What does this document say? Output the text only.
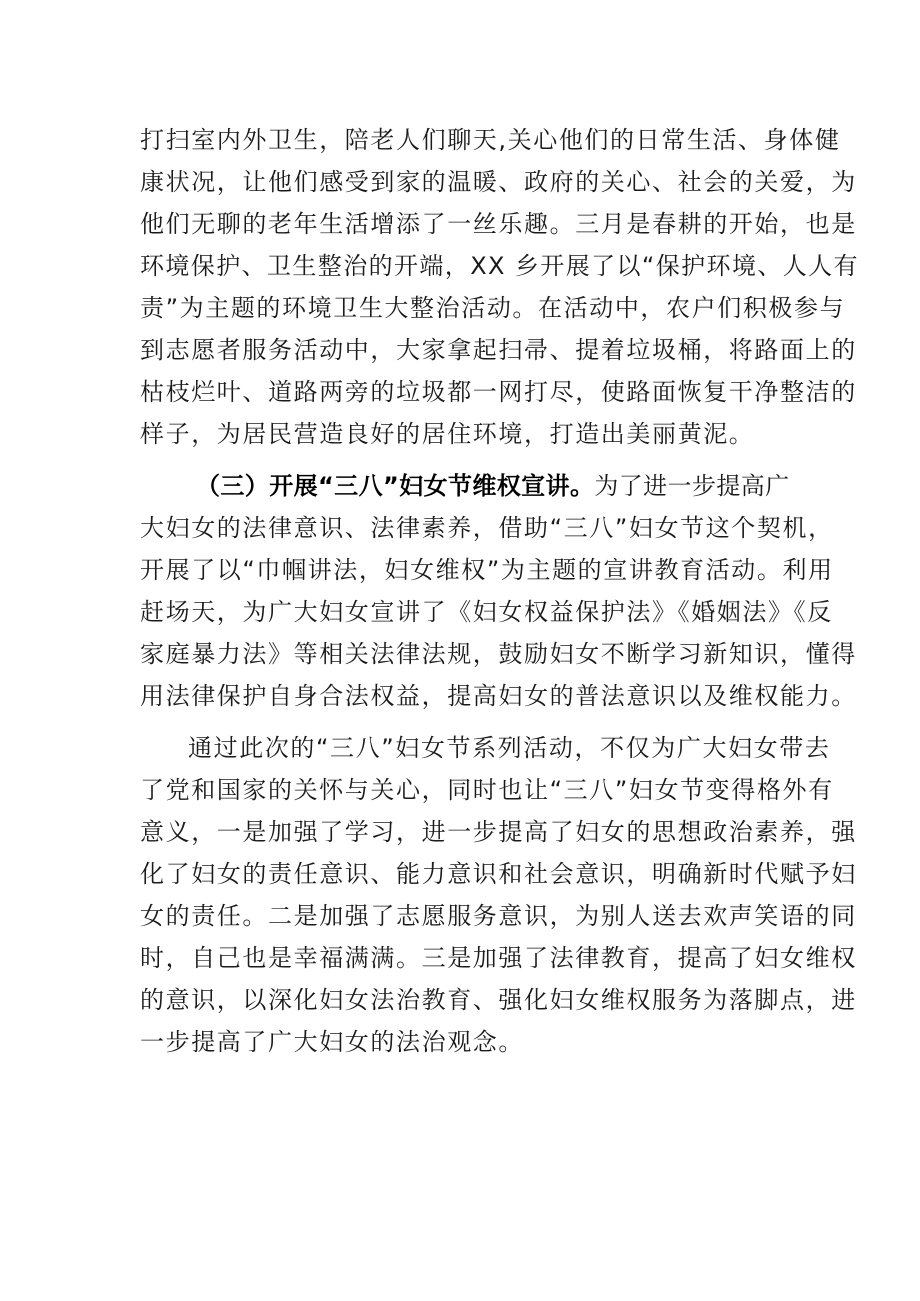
打扫室内外卫生，陪老人们聊天,关心他们的日常生活、身体健
康状况，让他们感受到家的温暖、政府的关心、社会的关爱，为
他们无聊的老年生活增添了一丝乐趣。三月是春耕的开始，也是
环境保护、卫生整治的开端，XX 乡开展了以“保护环境、人人有
责”为主题的环境卫生大整治活动。在活动中，农户们积极参与
到志愿者服务活动中，大家拿起扫帚、提着垃圾桶，将路面上的
枯枝烂叶、道路两旁的垃圾都一网打尽，使路面恢复干净整洁的
样子，为居民营造良好的居住环境，打造出美丽黄泥。
（三）开展“三八”妇女节维权宣讲。为了进一步提高广
大妇女的法律意识、法律素养，借助“三八”妇女节这个契机，
开展了以“巾帼讲法，妇女维权”为主题的宣讲教育活动。利用
赶场天，为广大妇女宣讲了《妇女权益保护法》《婚姻法》《反
家庭暴力法》等相关法律法规，鼓励妇女不断学习新知识，懂得
用法律保护自身合法权益，提高妇女的普法意识以及维权能力。
通过此次的“三八”妇女节系列活动，不仅为广大妇女带去
了党和国家的关怀与关心，同时也让“三八”妇女节变得格外有
意义，一是加强了学习，进一步提高了妇女的思想政治素养，强
化了妇女的责任意识、能力意识和社会意识，明确新时代赋予妇
女的责任。二是加强了志愿服务意识，为别人送去欢声笑语的同
时，自己也是幸福满满。三是加强了法律教育，提高了妇女维权
的意识，以深化妇女法治教育、强化妇女维权服务为落脚点，进
一步提高了广大妇女的法治观念。
